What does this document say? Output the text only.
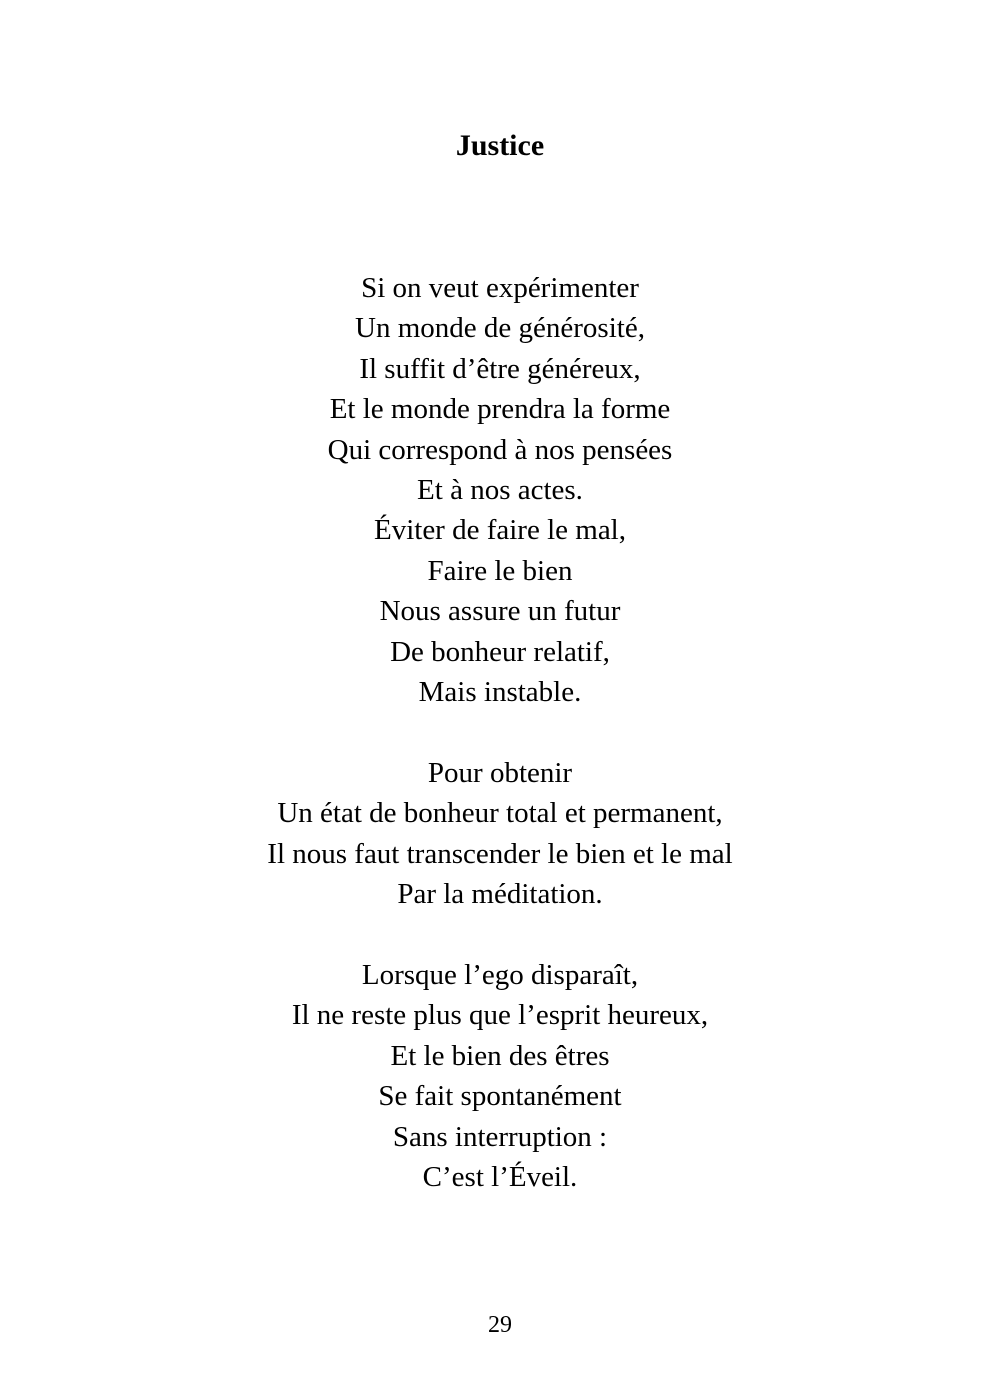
Justice

Si on veut expérimenter
Un monde de générosité,
Il suffit d’être généreux,
Et le monde prendra la forme
Qui correspond à nos pensées
Et à nos actes.
Éviter de faire le mal,
Faire le bien
Nous assure un futur
De bonheur relatif,
Mais instable.

Pour obtenir
Un état de bonheur total et permanent,
Il nous faut transcender le bien et le mal
Par la méditation.

Lorsque l’ego disparaît,
Il ne reste plus que l’esprit heureux,
Et le bien des êtres
Se fait spontanément
Sans interruption :
C’est l’Éveil.

29
